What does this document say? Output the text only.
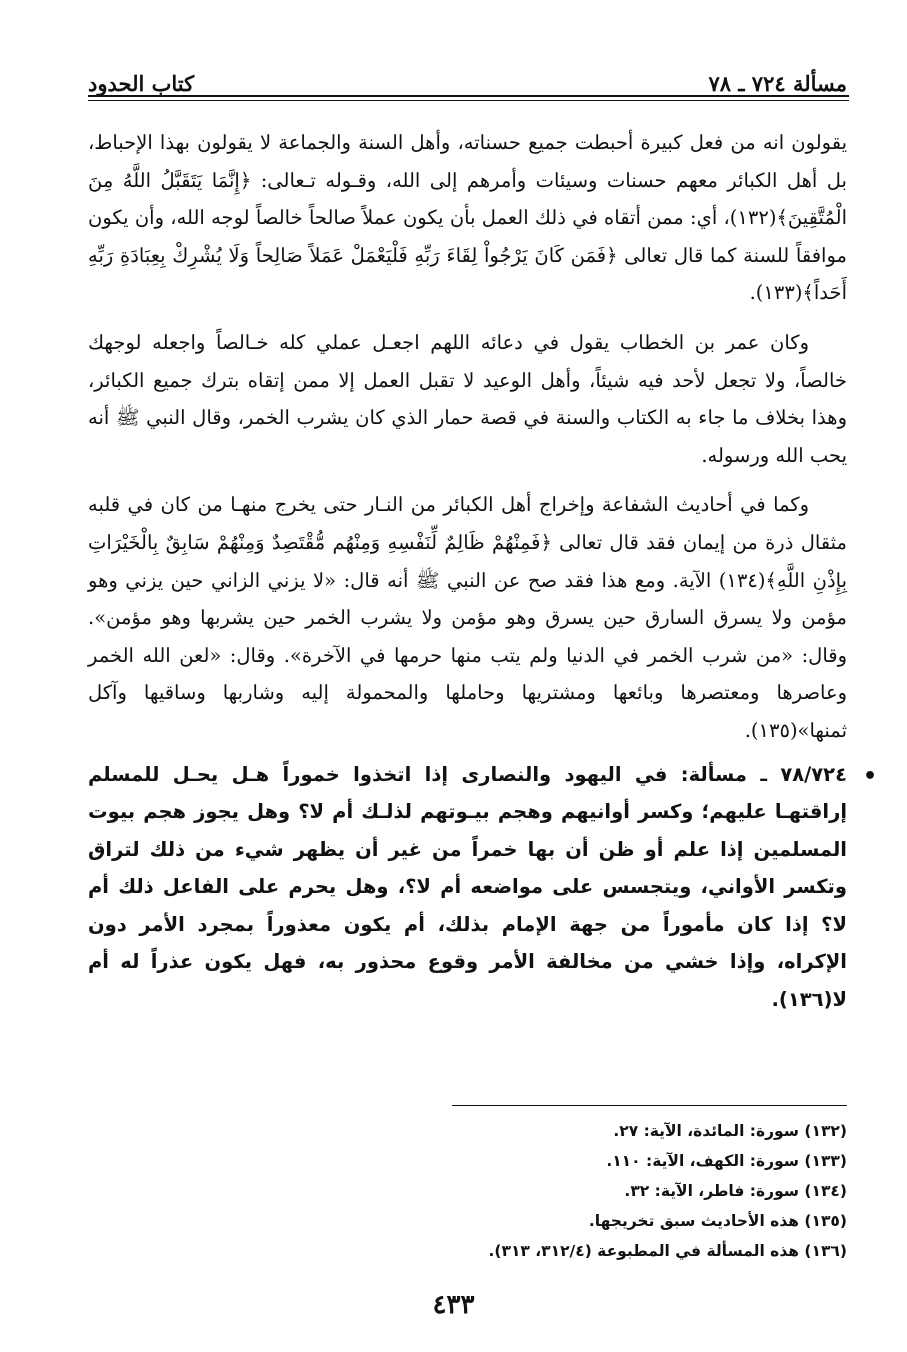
مسألة ٧٢٤ ـ ٧٨
كتاب الحدود

يقولون انه من فعل كبيرة أحبطت جميع حسناته، وأهل السنة والجماعة لا يقولون بهذا الإحباط، بل أهل الكبائر معهم حسنات وسيئات وأمرهم إلى الله، وقـوله تـعالى: ﴿إِنَّمَا يَتَقَبَّلُ اللَّهُ مِنَ الْمُتَّقِينَ﴾(١٣٢)، أي: ممن أتقاه في ذلك العمل بأن يكون عملاً صالحاً خالصاً لوجه الله، وأن يكون موافقاً للسنة كما قال تعالى ﴿فَمَن كَانَ يَرْجُواْ لِقَاءَ رَبِّهِ فَلْيَعْمَلْ عَمَلاً صَالِحاً وَلَا يُشْرِكْ بِعِبَادَةِ رَبِّهِ أَحَداً﴾(١٣٣).

وكان عمر بن الخطاب يقول في دعائه اللهم اجعـل عملي كله خـالصاً واجعله لوجهك خالصاً، ولا تجعل لأحد فيه شيئاً، وأهل الوعيد لا تقبل العمل إلا ممن إتقاه بترك جميع الكبائر، وهذا بخلاف ما جاء به الكتاب والسنة في قصة حمار الذي كان يشرب الخمر، وقال النبي ﷺ أنه يحب الله ورسوله.

وكما في أحاديث الشفاعة وإخراج أهل الكبائر من النـار حتى يخرج منهـا من كان في قلبه مثقال ذرة من إيمان فقد قال تعالى ﴿فَمِنْهُمْ ظَالِمٌ لِّنَفْسِهِ وَمِنْهُم مُّقْتَصِدٌ وَمِنْهُمْ سَابِقٌ بِالْخَيْرَاتِ بِإِذْنِ اللَّهِ﴾(١٣٤) الآية. ومع هذا فقد صح عن النبي ﷺ أنه قال: «لا يزني الزاني حين يزني وهو مؤمن ولا يسرق السارق حين يسرق وهو مؤمن ولا يشرب الخمر حين يشربها وهو مؤمن». وقال: «من شرب الخمر في الدنيا ولم يتب منها حرمها في الآخرة». وقال: «لعن الله الخمر وعاصرها ومعتصرها وبائعها ومشتريها وحاملها والمحمولة إليه وشاربها وساقيها وآكل ثمنها»(١٣٥).

•
٧٨/٧٢٤ ـ مسألة: في اليهود والنصارى إذا اتخذوا خموراً هـل يحـل للمسلم إراقتهـا عليهم؛ وكسر أوانيهم وهجم بيـوتهم لذلـك أم لا؟ وهل يجوز هجم بيوت المسلمين إذا علم أو ظن أن بها خمراً من غير أن يظهر شيء من ذلك لتراق وتكسر الأواني، ويتجسس على مواضعه أم لا؟، وهل يحرم على الفاعل ذلك أم لا؟ إذا كان مأموراً من جهة الإمام بذلك، أم يكون معذوراً بمجرد الأمر دون الإكراه، وإذا خشي من مخالفة الأمر وقوع محذور به، فهل يكون عذراً له أم لا(١٣٦).
(١٣٢) سورة: المائدة، الآية: ٢٧.
(١٣٣) سورة: الكهف، الآية: ١١٠.
(١٣٤) سورة: فاطر، الآية: ٣٢.
(١٣٥) هذه الأحاديث سبق تخريجها.
(١٣٦) هذه المسألة في المطبوعة (٣١٢/٤، ٣١٣).
٤٣٣
